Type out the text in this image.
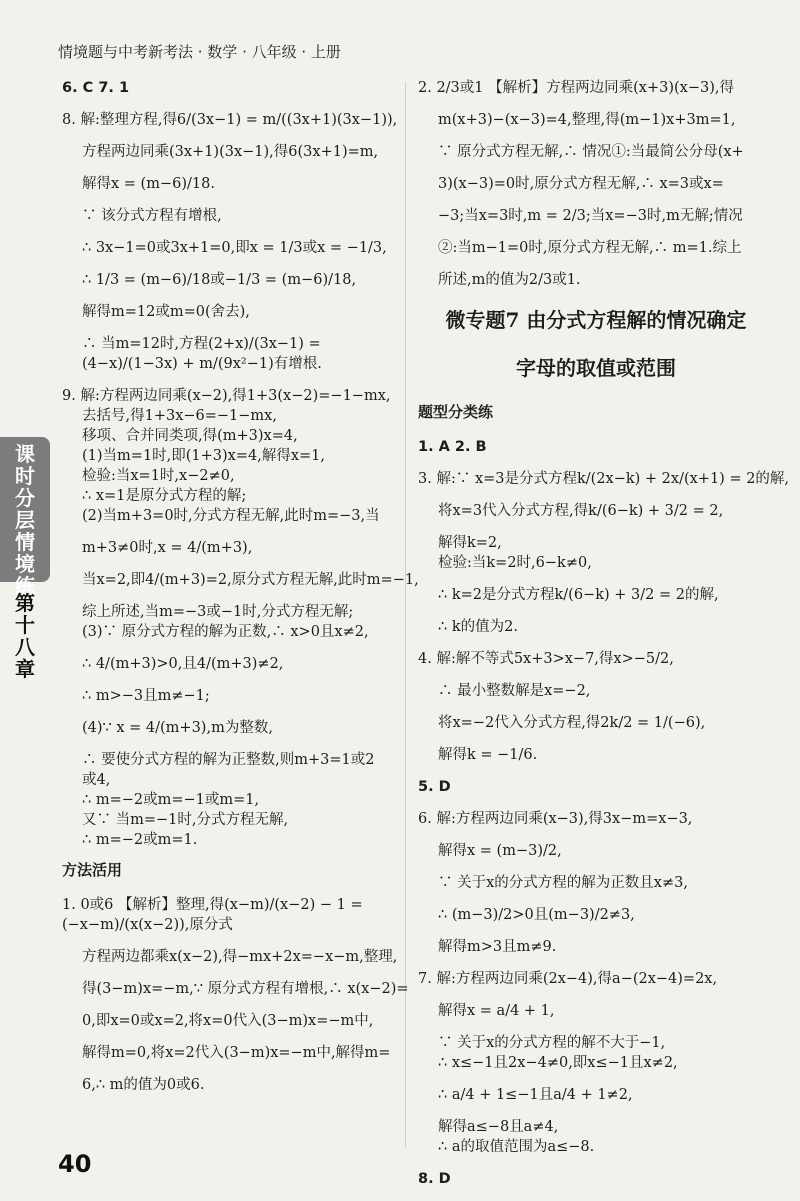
情境题与中考新考法 · 数学 · 八年级 · 上册

6. C 7. 1

8. 解:整理方程,得6/(3x−1) = m/((3x+1)(3x−1)),

方程两边同乘(3x+1)(3x−1),得6(3x+1)=m,

解得x = (m−6)/18.

∵ 该分式方程有增根,

∴ 3x−1=0或3x+1=0,即x = 1/3或x = −1/3,

∴ 1/3 = (m−6)/18或−1/3 = (m−6)/18,

解得m=12或m=0(舍去),

∴ 当m=12时,方程(2+x)/(3x−1) = (4−x)/(1−3x) + m/(9x²−1)有增根.

9. 解:方程两边同乘(x−2),得1+3(x−2)=−1−mx,

去括号,得1+3x−6=−1−mx,

移项、合并同类项,得(m+3)x=4,

(1)当m=1时,即(1+3)x=4,解得x=1,

检验:当x=1时,x−2≠0,

∴ x=1是原分式方程的解;

(2)当m+3=0时,分式方程无解,此时m=−3,当

m+3≠0时,x = 4/(m+3),

当x=2,即4/(m+3)=2,原分式方程无解,此时m=−1,

综上所述,当m=−3或−1时,分式方程无解;

(3)∵ 原分式方程的解为正数,∴ x>0且x≠2,

∴ 4/(m+3)>0,且4/(m+3)≠2,

∴ m>−3且m≠−1;

(4)∵ x = 4/(m+3),m为整数,

∴ 要使分式方程的解为正整数,则m+3=1或2

或4,

∴ m=−2或m=−1或m=1,

又∵ 当m=−1时,分式方程无解,

∴ m=−2或m=1.

方法活用

1. 0或6 【解析】整理,得(x−m)/(x−2) − 1 = (−x−m)/(x(x−2)),原分式

方程两边都乘x(x−2),得−mx+2x=−x−m,整理,

得(3−m)x=−m,∵ 原分式方程有增根,∴ x(x−2)=

0,即x=0或x=2,将x=0代入(3−m)x=−m中,

解得m=0,将x=2代入(3−m)x=−m中,解得m=

6,∴ m的值为0或6.

2. 2/3或1 【解析】方程两边同乘(x+3)(x−3),得

m(x+3)−(x−3)=4,整理,得(m−1)x+3m=1,

∵ 原分式方程无解,∴ 情况①:当最简公分母(x+

3)(x−3)=0时,原分式方程无解,∴ x=3或x=

−3;当x=3时,m = 2/3;当x=−3时,m无解;情况

②:当m−1=0时,原分式方程无解,∴ m=1.综上

所述,m的值为2/3或1.

微专题7 由分式方程解的情况确定

字母的取值或范围

题型分类练

1. A 2. B

3. 解:∵ x=3是分式方程k/(2x−k) + 2x/(x+1) = 2的解,

将x=3代入分式方程,得k/(6−k) + 3/2 = 2,

解得k=2,

检验:当k=2时,6−k≠0,

∴ k=2是分式方程k/(6−k) + 3/2 = 2的解,

∴ k的值为2.

4. 解:解不等式5x+3>x−7,得x>−5/2,

∴ 最小整数解是x=−2,

将x=−2代入分式方程,得2k/2 = 1/(−6),

解得k = −1/6.

5. D

6. 解:方程两边同乘(x−3),得3x−m=x−3,

解得x = (m−3)/2,

∵ 关于x的分式方程的解为正数且x≠3,

∴ (m−3)/2>0且(m−3)/2≠3,

解得m>3且m≠9.

7. 解:方程两边同乘(2x−4),得a−(2x−4)=2x,

解得x = a/4 + 1,

∵ 关于x的分式方程的解不大于−1,

∴ x≤−1且2x−4≠0,即x≤−1且x≠2,

∴ a/4 + 1≤−1且a/4 + 1≠2,

解得a≤−8且a≠4,

∴ a的取值范围为a≤−8.

8. D

课时分层情境练
第十八章
40
